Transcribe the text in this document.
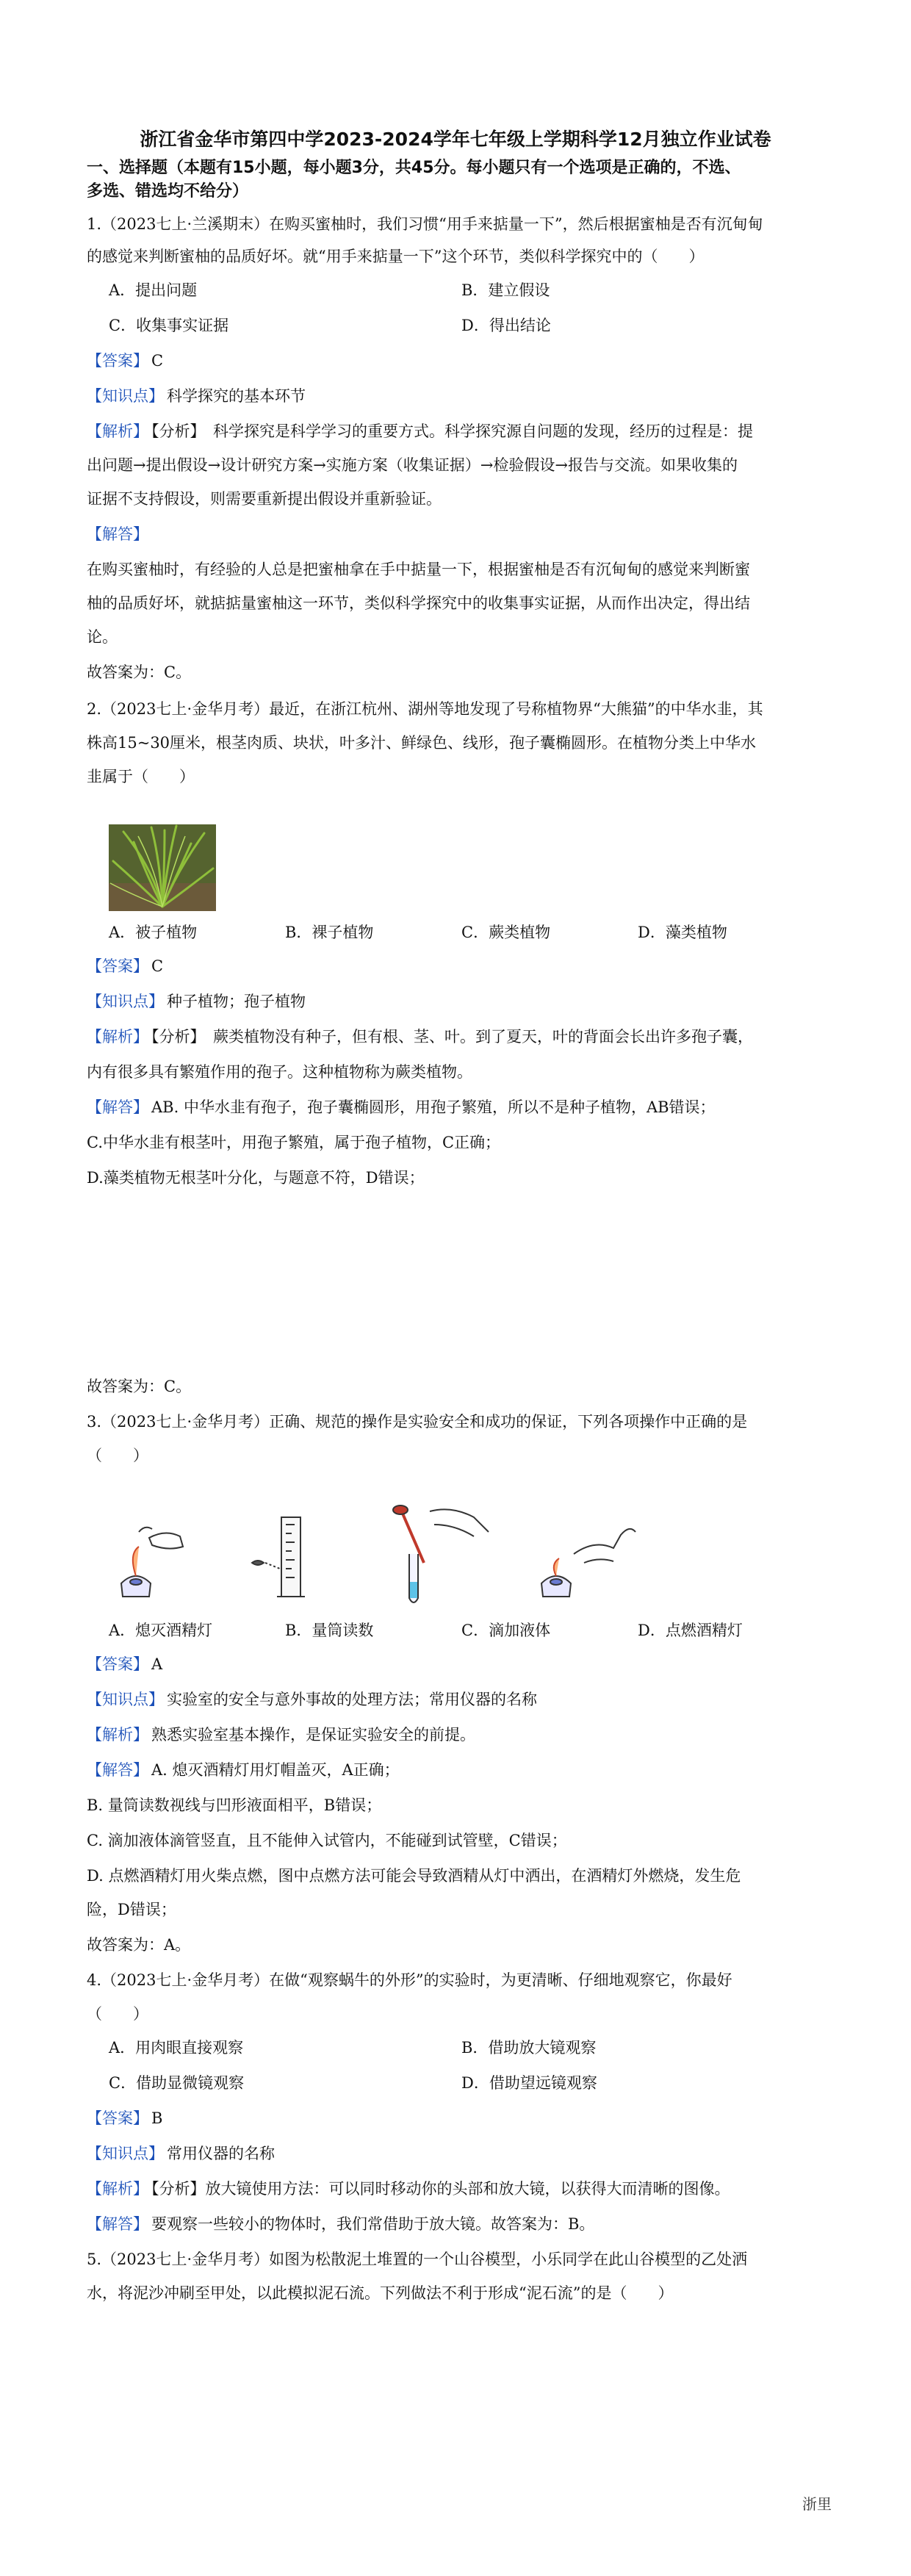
浙江省金华市第四中学2023-2024学年七年级上学期科学12月独立作业试卷
一、选择题（本题有15小题，每小题3分，共45分。每小题只有一个选项是正确的，不选、
多选、错选均不给分）
1.（2023七上·兰溪期末）在购买蜜柚时，我们习惯“用手来掂量一下”，然后根据蜜柚是否有沉甸甸
的感觉来判断蜜柚的品质好坏。就“用手来掂量一下”这个环节，类似科学探究中的（　　）
A．提出问题	B．建立假设
C．收集事实证据	D．得出结论
【答案】 C
【知识点】 科学探究的基本环节
【解析】 【分析】　 科学探究是科学学习的重要方式。科学探究源自问题的发现，经历的过程是：提
出问题→提出假设→设计研究方案→实施方案（收集证据）→检验假设→报告与交流。如果收集的
证据不支持假设，则需要重新提出假设并重新验证。
【解答】
在购买蜜柚时，有经验的人总是把蜜柚拿在手中掂量一下，根据蜜柚是否有沉甸甸的感觉来判断蜜
柚的品质好坏，就掂掂量蜜柚这一环节，类似科学探究中的收集事实证据，从而作出决定，得出结
论。
故答案为：C。
2.（2023七上·金华月考）最近，在浙江杭州、湖州等地发现了号称植物界“大熊猫”的中华水韭，其
株高15~30厘米，根茎肉质、块状，叶多汁、鲜绿色、线形，孢子囊椭圆形。在植物分类上中华水
韭属于（　　）
A．被子植物	B．裸子植物	C．蕨类植物	D．藻类植物
【答案】 C
【知识点】 种子植物；孢子植物
【解析】 【分析】　 蕨类植物没有种子，但有根、茎、叶。到了夏天，叶的背面会长出许多孢子囊，
内有很多具有繁殖作用的孢子。这种植物称为蕨类植物。
【解答】 AB. 中华水韭有孢子，孢子囊椭圆形，用孢子繁殖，所以不是种子植物，AB错误；
C.中华水韭有根茎叶，用孢子繁殖，属于孢子植物，C正确；
D.藻类植物无根茎叶分化，与题意不符，D错误；
故答案为：C。
3.（2023七上·金华月考）正确、规范的操作是实验安全和成功的保证，下列各项操作中正确的是
（　　）
A．熄灭酒精灯	B．量筒读数	C．滴加液体	D．点燃酒精灯
【答案】 A
【知识点】 实验室的安全与意外事故的处理方法；常用仪器的名称
【解析】 熟悉实验室基本操作，是保证实验安全的前提。
【解答】 A. 熄灭酒精灯用灯帽盖灭，A正确；
B. 量筒读数视线与凹形液面相平，B错误；
C. 滴加液体滴管竖直，且不能伸入试管内，不能碰到试管壁，C错误；
D. 点燃酒精灯用火柴点燃，图中点燃方法可能会导致酒精从灯中洒出，在酒精灯外燃烧，发生危
险，D错误；
故答案为：A。
4.（2023七上·金华月考）在做“观察蜗牛的外形”的实验时，为更清晰、仔细地观察它，你最好
（　　）
A．用肉眼直接观察	B．借助放大镜观察
C．借助显微镜观察	D．借助望远镜观察
【答案】 B
【知识点】 常用仪器的名称
【解析】 【分析】放大镜使用方法：可以同时移动你的头部和放大镜，以获得大而清晰的图像。
【解答】 要观察一些较小的物体时，我们常借助于放大镜。故答案为：B。
5.（2023七上·金华月考）如图为松散泥土堆置的一个山谷模型，小乐同学在此山谷模型的乙处洒
水，将泥沙冲刷至甲处，以此模拟泥石流。下列做法不利于形成“泥石流”的是（　　）
浙里
